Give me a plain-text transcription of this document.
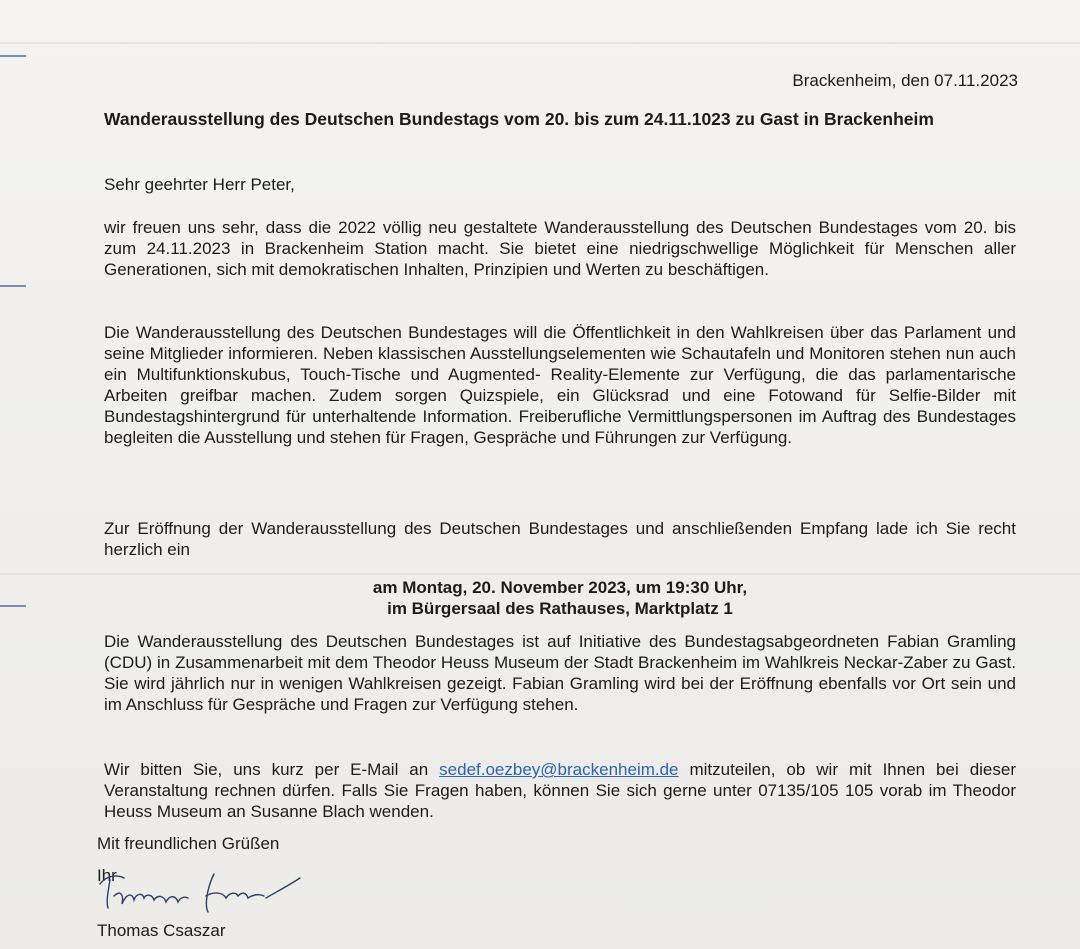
Brackenheim, den 07.11.2023
Wanderausstellung des Deutschen Bundestags vom 20. bis zum 24.11.1023 zu Gast in Brackenheim
Sehr geehrter Herr Peter,
wir freuen uns sehr, dass die 2022 völlig neu gestaltete Wanderausstellung des Deutschen Bundestages vom 20. bis zum 24.11.2023 in Brackenheim Station macht. Sie bietet eine niedrigschwellige Möglichkeit für Menschen aller Generationen, sich mit demokratischen Inhalten, Prinzipien und Werten zu beschäftigen.
Die Wanderausstellung des Deutschen Bundestages will die Öffentlichkeit in den Wahlkreisen über das Parlament und seine Mitglieder informieren. Neben klassischen Ausstellungselementen wie Schautafeln und Monitoren stehen nun auch ein Multifunktionskubus, Touch-Tische und Augmented- Reality-Elemente zur Verfügung, die das parlamentarische Arbeiten greifbar machen. Zudem sorgen Quizspiele, ein Glücksrad und eine Fotowand für Selfie-Bilder mit Bundestagshintergrund für unterhaltende Information. Freiberufliche Vermittlungspersonen im Auftrag des Bundestages begleiten die Ausstellung und stehen für Fragen, Gespräche und Führungen zur Verfügung.
Zur Eröffnung der Wanderausstellung des Deutschen Bundestages und anschließenden Empfang lade ich Sie recht herzlich ein
am Montag, 20. November 2023, um 19:30 Uhr,
im Bürgersaal des Rathauses, Marktplatz 1
Die Wanderausstellung des Deutschen Bundestages ist auf Initiative des Bundestagsabgeordneten Fabian Gramling (CDU) in Zusammenarbeit mit dem Theodor Heuss Museum der Stadt Brackenheim im Wahlkreis Neckar-Zaber zu Gast. Sie wird jährlich nur in wenigen Wahlkreisen gezeigt. Fabian Gramling wird bei der Eröffnung ebenfalls vor Ort sein und im Anschluss für Gespräche und Fragen zur Verfügung stehen.
Wir bitten Sie, uns kurz per E-Mail an sedef.oezbey@brackenheim.de mitzuteilen, ob wir mit Ihnen bei dieser Veranstaltung rechnen dürfen. Falls Sie Fragen haben, können Sie sich gerne unter 07135/105 105 vorab im Theodor Heuss Museum an Susanne Blach wenden.
Mit freundlichen Grüßen
Ihr
Thomas Csaszar
